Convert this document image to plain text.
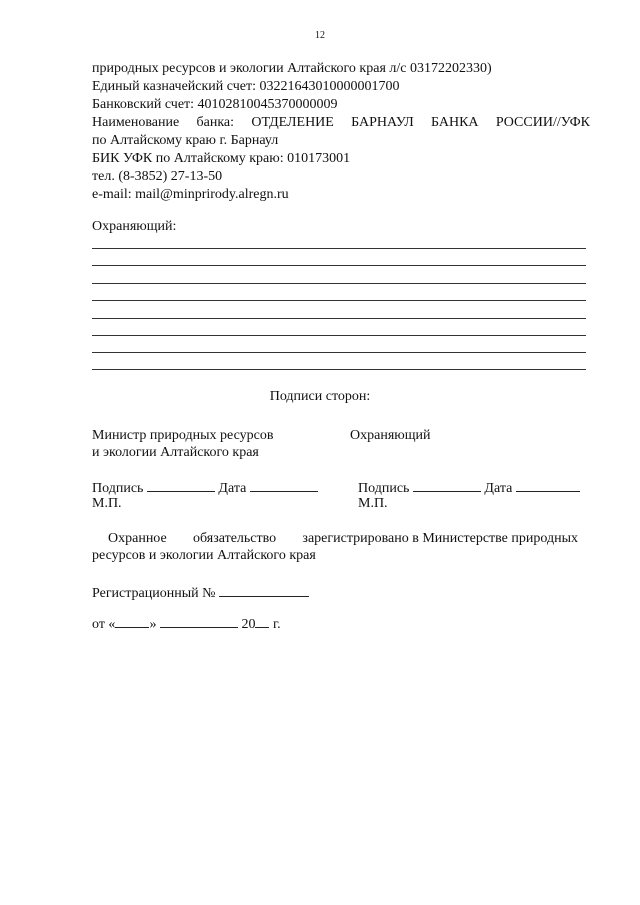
12
природных ресурсов и экологии Алтайского края л/с 03172202330)
Единый казначейский счет: 03221643010000001700
Банковский счет: 40102810045370000009
Наименование банка: ОТДЕЛЕНИЕ БАРНАУЛ БАНКА РОССИИ//УФК
по Алтайскому краю г. Барнаул
БИК УФК по Алтайскому краю: 010173001
тел. (8-3852) 27-13-50
e-mail: mail@minprirody.alregn.ru
Охраняющий:
Подписи сторон:
Министр природных ресурсов
и экологии Алтайского края
Охраняющий
Подпись	Дата	Подпись	Дата
М.П.	М.П.
Охранное обязательство зарегистрировано в Министерстве природных
ресурсов и экологии Алтайского края
Регистрационный №
от « »	20 г.
